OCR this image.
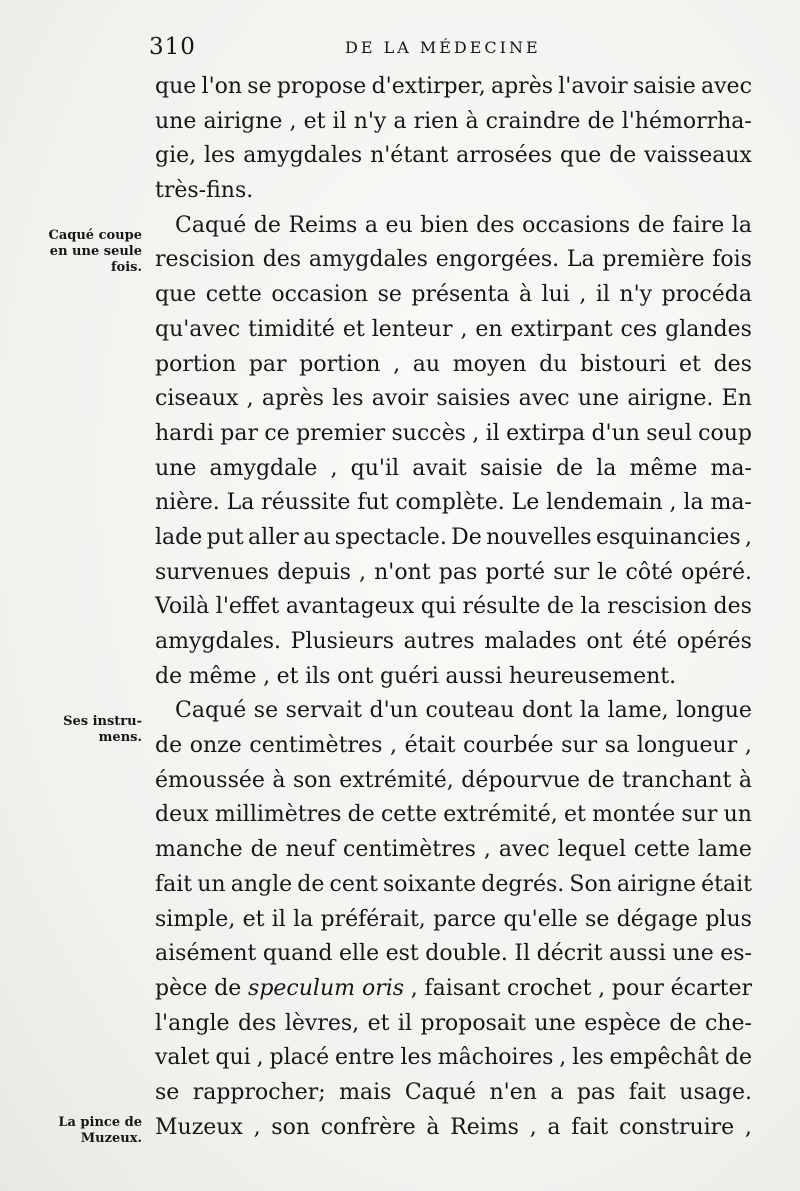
310	DE LA MÉDECINE
Caqué coupe
en une seule
fois.
Ses instru-
mens.
La pince de
Muzeux.
que l'on se propose d'extirper, après l'avoir saisie avec
une airigne , et il n'y a rien à craindre de l'hémorrha-
gie, les amygdales n'étant arrosées que de vaisseaux
très-fins.
Caqué de Reims a eu bien des occasions de faire la
rescision des amygdales engorgées. La première fois
que cette occasion se présenta à lui , il n'y procéda
qu'avec timidité et lenteur , en extirpant ces glandes
portion par portion , au moyen du bistouri et des
ciseaux , après les avoir saisies avec une airigne. En
hardi par ce premier succès , il extirpa d'un seul coup
une amygdale , qu'il avait saisie de la même ma-
nière. La réussite fut complète. Le lendemain , la ma-
lade put aller au spectacle. De nouvelles esquinancies ,
survenues depuis , n'ont pas porté sur le côté opéré.
Voilà l'effet avantageux qui résulte de la rescision des
amygdales. Plusieurs autres malades ont été opérés
de même , et ils ont guéri aussi heureusement.
Caqué se servait d'un couteau dont la lame, longue
de onze centimètres , était courbée sur sa longueur ,
émoussée à son extrémité, dépourvue de tranchant à
deux millimètres de cette extrémité, et montée sur un
manche de neuf centimètres , avec lequel cette lame
fait un angle de cent soixante degrés. Son airigne était
simple, et il la préférait, parce qu'elle se dégage plus
aisément quand elle est double. Il décrit aussi une es-
pèce de speculum oris , faisant crochet , pour écarter
l'angle des lèvres, et il proposait une espèce de che-
valet qui , placé entre les mâchoires , les empêchât de
se rapprocher; mais Caqué n'en a pas fait usage.
Muzeux , son confrère à Reims , a fait construire ,
